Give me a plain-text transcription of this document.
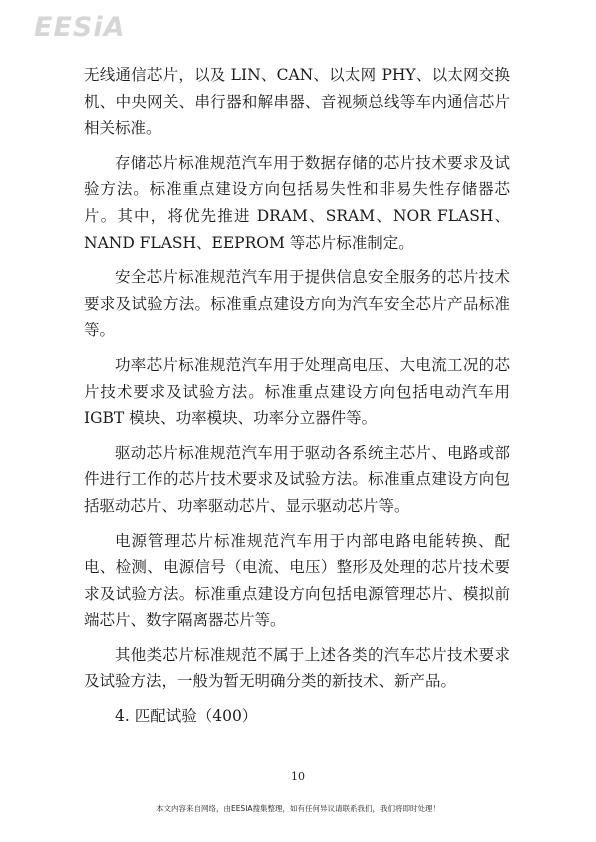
EESiA

无线通信芯片，以及 LIN、CAN、以太网 PHY、以太网交换机、中央网关、串行器和解串器、音视频总线等车内通信芯片相关标准。

存储芯片标准规范汽车用于数据存储的芯片技术要求及试验方法。标准重点建设方向包括易失性和非易失性存储器芯片。其中，将优先推进 DRAM、SRAM、NOR FLASH、NAND FLASH、EEPROM 等芯片标准制定。

安全芯片标准规范汽车用于提供信息安全服务的芯片技术要求及试验方法。标准重点建设方向为汽车安全芯片产品标准等。

功率芯片标准规范汽车用于处理高电压、大电流工况的芯片技术要求及试验方法。标准重点建设方向包括电动汽车用 IGBT 模块、功率模块、功率分立器件等。

驱动芯片标准规范汽车用于驱动各系统主芯片、电路或部件进行工作的芯片技术要求及试验方法。标准重点建设方向包括驱动芯片、功率驱动芯片、显示驱动芯片等。

电源管理芯片标准规范汽车用于内部电路电能转换、配电、检测、电源信号（电流、电压）整形及处理的芯片技术要求及试验方法。标准重点建设方向包括电源管理芯片、模拟前端芯片、数字隔离器芯片等。

其他类芯片标准规范不属于上述各类的汽车芯片技术要求及试验方法，一般为暂无明确分类的新技术、新产品。

4. 匹配试验（400）

10
本文内容来自网络，由EESIA搜集整理，如有任何异议请联系我们，我们将即时处理！
